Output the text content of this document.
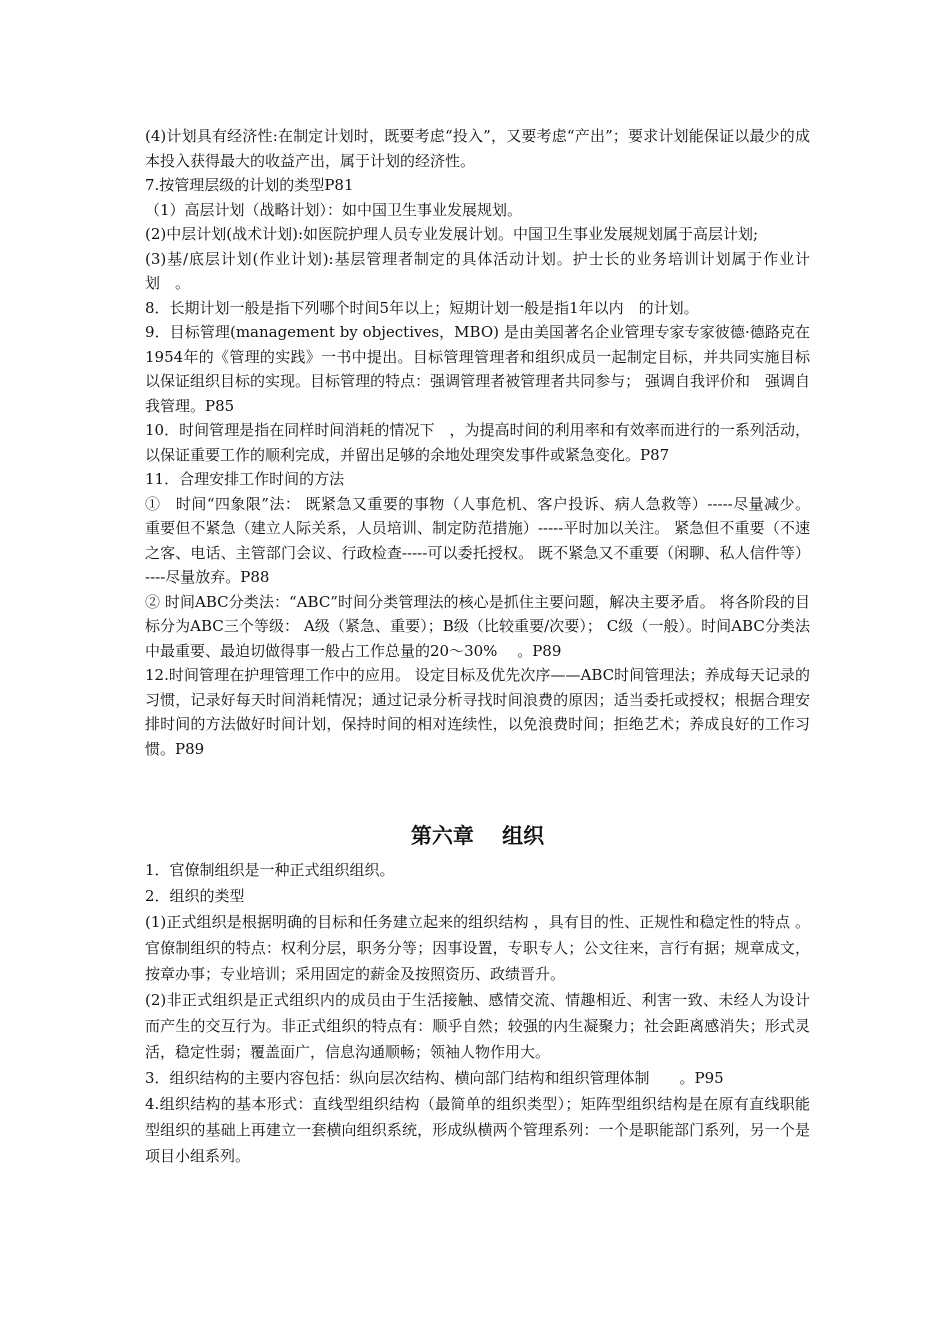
(4)计划具有经济性:在制定计划时，既要考虑“投入”，又要考虑“产出”；要求计划能保证以最少的成本投入获得最大的收益产出，属于计划的经济性。

7.按管理层级的计划的类型P81

（1）高层计划（战略计划）：如中国卫生事业发展规划。

(2)中层计划(战术计划):如医院护理人员专业发展计划。中国卫生事业发展规划属于高层计划;

(3)基/底层计划(作业计划):基层管理者制定的具体活动计划。护士长的业务培训计划属于作业计划　。

8．长期计划一般是指下列哪个时间5年以上；短期计划一般是指1年以内　的计划。

9．目标管理(management by objectives，MBO) 是由美国著名企业管理专家专家彼德·德路克在1954年的《管理的实践》一书中提出。目标管理管理者和组织成员一起制定目标，并共同实施目标以保证组织目标的实现。目标管理的特点：强调管理者被管理者共同参与； 强调自我评价和　强调自我管理。P85

10．时间管理是指在同样时间消耗的情况下　，为提高时间的利用率和有效率而进行的一系列活动，以保证重要工作的顺利完成，并留出足够的余地处理突发事件或紧急变化。P87

11．合理安排工作时间的方法

①　时间“四象限”法： 既紧急又重要的事物（人事危机、客户投诉、病人急救等）-----尽量减少。 重要但不紧急（建立人际关系，人员培训、制定防范措施）-----平时加以关注。 紧急但不重要（不速之客、电话、主管部门会议、行政检查-----可以委托授权。 既不紧急又不重要（闲聊、私人信件等）----尽量放弃。P88

② 时间ABC分类法：“ABC”时间分类管理法的核心是抓住主要问题，解决主要矛盾。 将各阶段的目标分为ABC三个等级： A级（紧急、重要）；B级（比较重要/次要）； C级（一般）。时间ABC分类法中最重要、最迫切做得事一般占工作总量的20～30%　 。P89

12.时间管理在护理管理工作中的应用。 设定目标及优先次序——ABC时间管理法；养成每天记录的习惯，记录好每天时间消耗情况；通过记录分析寻找时间浪费的原因；适当委托或授权；根据合理安排时间的方法做好时间计划，保持时间的相对连续性，以免浪费时间；拒绝艺术；养成良好的工作习惯。P89

第六章　 组织

1．官僚制组织是一种正式组织组织。

2．组织的类型

(1)正式组织是根据明确的目标和任务建立起来的组织结构 ，具有目的性、正规性和稳定性的特点 。官僚制组织的特点：权利分层，职务分等；因事设置，专职专人；公文往来，言行有据；规章成文，按章办事；专业培训；采用固定的薪金及按照资历、政绩晋升。

(2)非正式组织是正式组织内的成员由于生活接触、感情交流、情趣相近、利害一致、未经人为设计而产生的交互行为。非正式组织的特点有：顺乎自然；较强的内生凝聚力；社会距离感消失；形式灵活，稳定性弱；覆盖面广，信息沟通顺畅；领袖人物作用大。

3．组织结构的主要内容包括：纵向层次结构、横向部门结构和组织管理体制　　。P95

4.组织结构的基本形式：直线型组织结构（最简单的组织类型）；矩阵型组织结构是在原有直线职能型组织的基础上再建立一套横向组织系统，形成纵横两个管理系列：一个是职能部门系列，另一个是项目小组系列。
